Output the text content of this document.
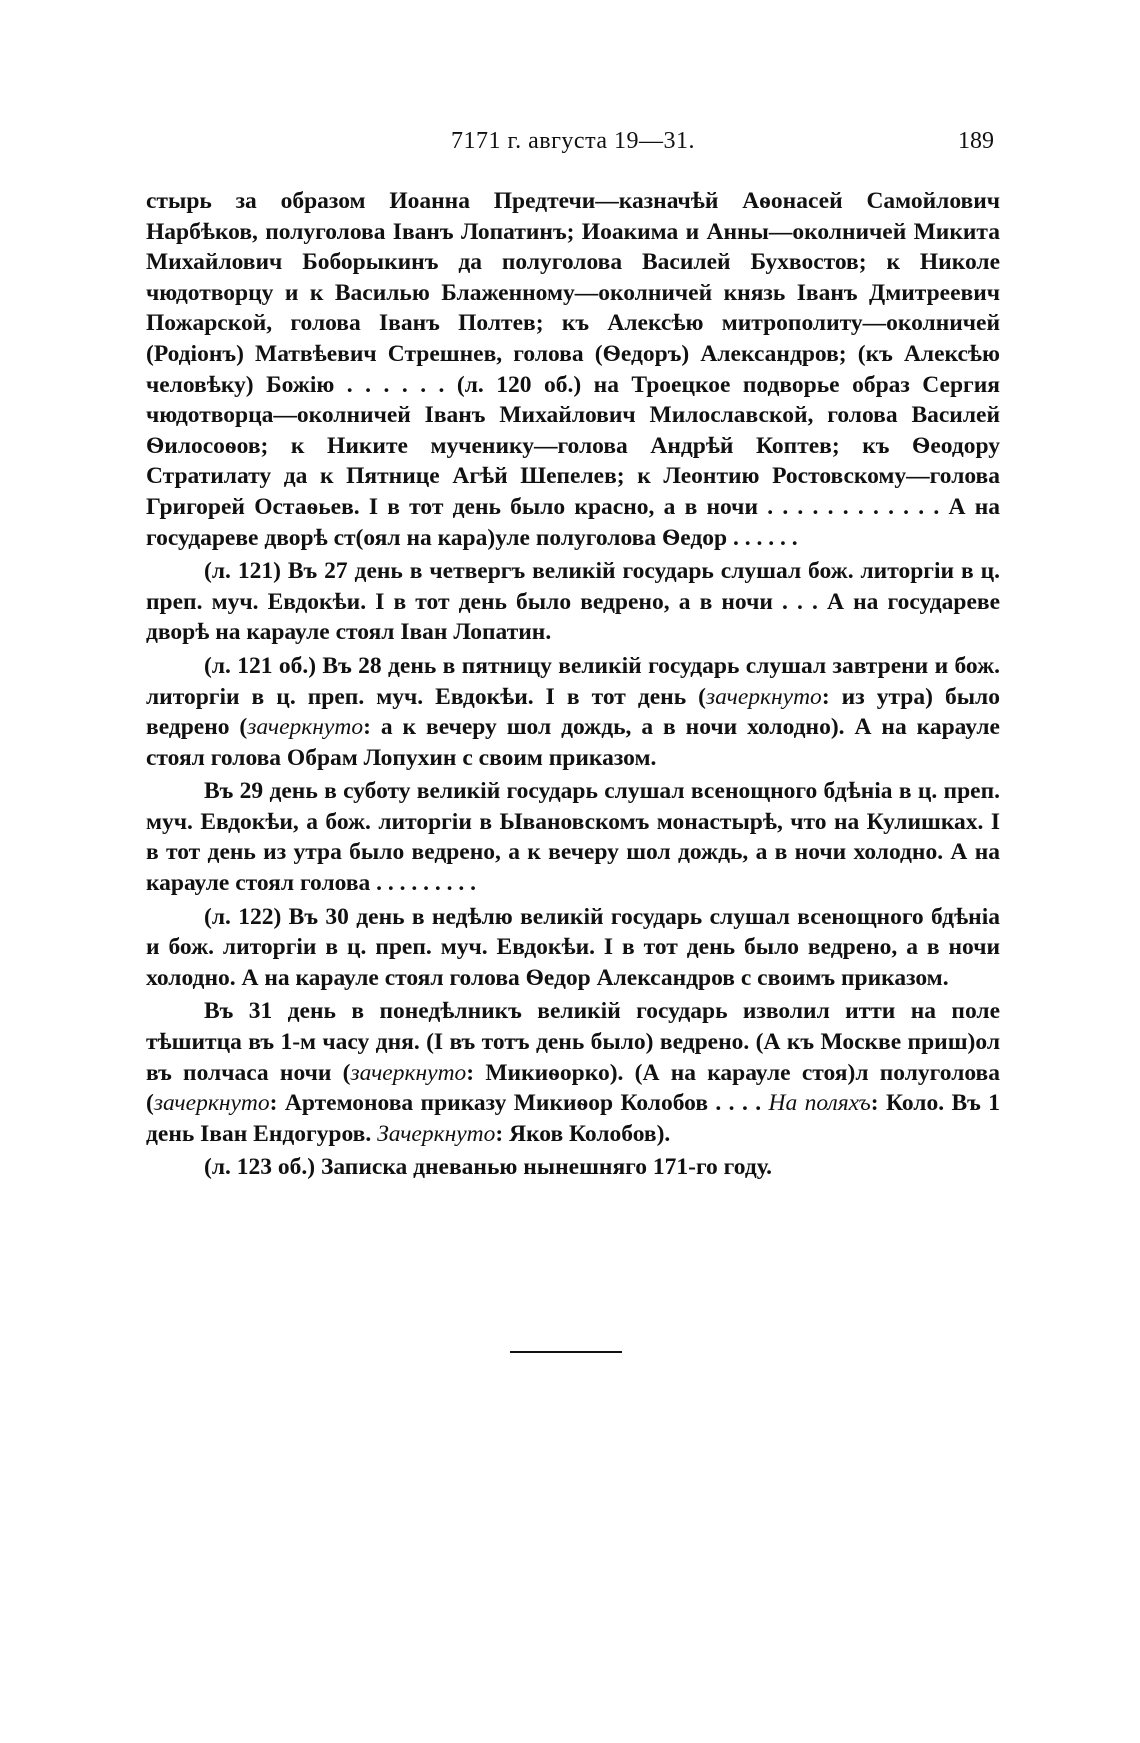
7171 г. августа 19—31.	189

стырь за образом Иоанна Предтечи—казначѣй Аѳонасей Самойлович Нарбѣков, полуголова Іванъ Лопатинъ; Иоакима и Анны—околничей Микита Михайлович Боборыкинъ да полуголова Василей Бухвостов; к Николе чюдотворцу и к Василью Блаженному—околничей князь Іванъ Дмитреевич Пожарской, голова Іванъ Полтев; къ Алексѣю митрополиту—околничей (Родіонъ) Матвѣевич Стрешнев, голова (Ѳедоръ) Александров; (къ Алексѣю человѣку) Божію . . . . . . (л. 120 об.) на Троецкое подворье образ Сергия чюдотворца—околничей Іванъ Михайлович Милославской, голова Василей Ѳилосоѳов; к Никите мученику—голова Андрѣй Коптев; къ Ѳеодору Стратилату да к Пятнице Агѣй Шепелев; к Леонтию Ростовскому—голова Григорей Остаѳьев. І в тот день было красно, а в ночи . . . . . . . . . . . . А на государеве дворѣ ст(оял на кара)уле полуголова Ѳедор . . . . . .

(л. 121) Въ 27 день в четвергъ великій государь слушал бож. литоргіи в ц. преп. муч. Евдокѣи. І в тот день было ведрено, а в ночи . . . А на государеве дворѣ на карауле стоял Іван Лопатин.

(л. 121 об.) Въ 28 день в пятницу великій государь слушал завтрени и бож. литоргіи в ц. преп. муч. Евдокѣи. І в тот день (зачеркнуто: из утра) было ведрено (зачеркнуто: а к вечеру шол дождь, а в ночи холодно). А на карауле стоял голова Обрам Лопухин с своим приказом.

Въ 29 день в суботу великій государь слушал всенощного бдѣніа в ц. преп. муч. Евдокѣи, а бож. литоргіи в Ывановскомъ монастырѣ, что на Кулишках. І в тот день из утра было ведрено, а к вечеру шол дождь, а в ночи холодно. А на карауле стоял голова . . . . . . . . .

(л. 122) Въ 30 день в недѣлю великій государь слушал всенощного бдѣніа и бож. литоргіи в ц. преп. муч. Евдокѣи. І в тот день было ведрено, а в ночи холодно. А на карауле стоял голова Ѳедор Александров с своимъ приказом.

Въ 31 день в понедѣлникъ великій государь изволил итти на поле тѣшитца въ 1-м часу дня. (І въ тотъ день было) ведрено. (А къ Москве приш)ол въ полчаса ночи (зачеркнуто: Микиѳорко). (А на карауле стоя)л полуголова (зачеркнуто: Артемонова приказу Микиѳор Колобов . . . . На поляхъ: Коло. Въ 1 день Іван Ендогуров. Зачеркнуто: Яков Колобов).

(л. 123 об.) Записка дневанью нынешняго 171-го году.
